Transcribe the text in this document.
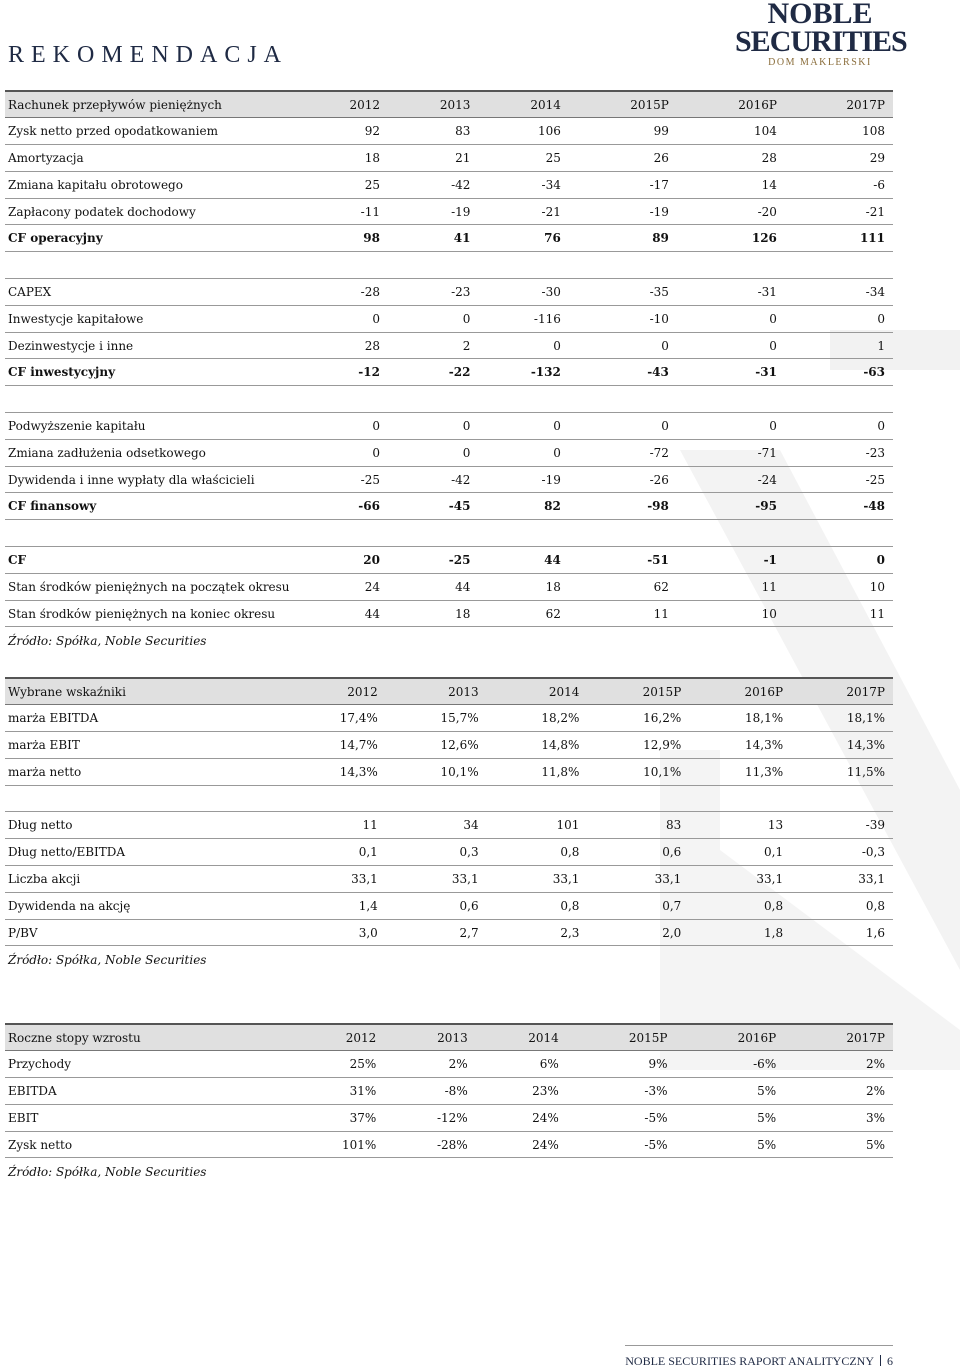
REKOMENDACJA
NOBLE
SECURITIES
DOM MAKLERSKI
Rachunek przepływów pieniężnych	2012	2013	2014	2015P	2016P	2017P
Zysk netto przed opodatkowaniem	92	83	106	99	104	108
Amortyzacja	18	21	25	26	28	29
Zmiana kapitału obrotowego	25	-42	-34	-17	14	-6
Zapłacony podatek dochodowy	-11	-19	-21	-19	-20	-21
CF operacyjny	98	41	76	89	126	111

CAPEX	-28	-23	-30	-35	-31	-34
Inwestycje kapitałowe	0	0	-116	-10	0	0
Dezinwestycje i inne	28	2	0	0	0	1
CF inwestycyjny	-12	-22	-132	-43	-31	-63

Podwyższenie kapitału	0	0	0	0	0	0
Zmiana zadłużenia odsetkowego	0	0	0	-72	-71	-23
Dywidenda i inne wypłaty dla właścicieli	-25	-42	-19	-26	-24	-25
CF finansowy	-66	-45	82	-98	-95	-48

CF	20	-25	44	-51	-1	0
Stan środków pieniężnych na początek okresu	24	44	18	62	11	10
Stan środków pieniężnych na koniec okresu	44	18	62	11	10	11
Źródło: Spółka, Noble Securities						
Wybrane wskaźniki	2012	2013	2014	2015P	2016P	2017P
marża EBITDA	17,4%	15,7%	18,2%	16,2%	18,1%	18,1%
marża EBIT	14,7%	12,6%	14,8%	12,9%	14,3%	14,3%
marża netto	14,3%	10,1%	11,8%	10,1%	11,3%	11,5%

Dług netto	11	34	101	83	13	-39
Dług netto/EBITDA	0,1	0,3	0,8	0,6	0,1	-0,3
Liczba akcji	33,1	33,1	33,1	33,1	33,1	33,1
Dywidenda na akcję	1,4	0,6	0,8	0,7	0,8	0,8
P/BV	3,0	2,7	2,3	2,0	1,8	1,6
Źródło: Spółka, Noble Securities						
Roczne stopy wzrostu	2012	2013	2014	2015P	2016P	2017P
Przychody	25%	2%	6%	9%	-6%	2%
EBITDA	31%	-8%	23%	-3%	5%	2%
EBIT	37%	-12%	24%	-5%	5%	3%
Zysk netto	101%	-28%	24%	-5%	5%	5%
Źródło: Spółka, Noble Securities						
NOBLE SECURITIES RAPORT ANALITYCZNY 6
